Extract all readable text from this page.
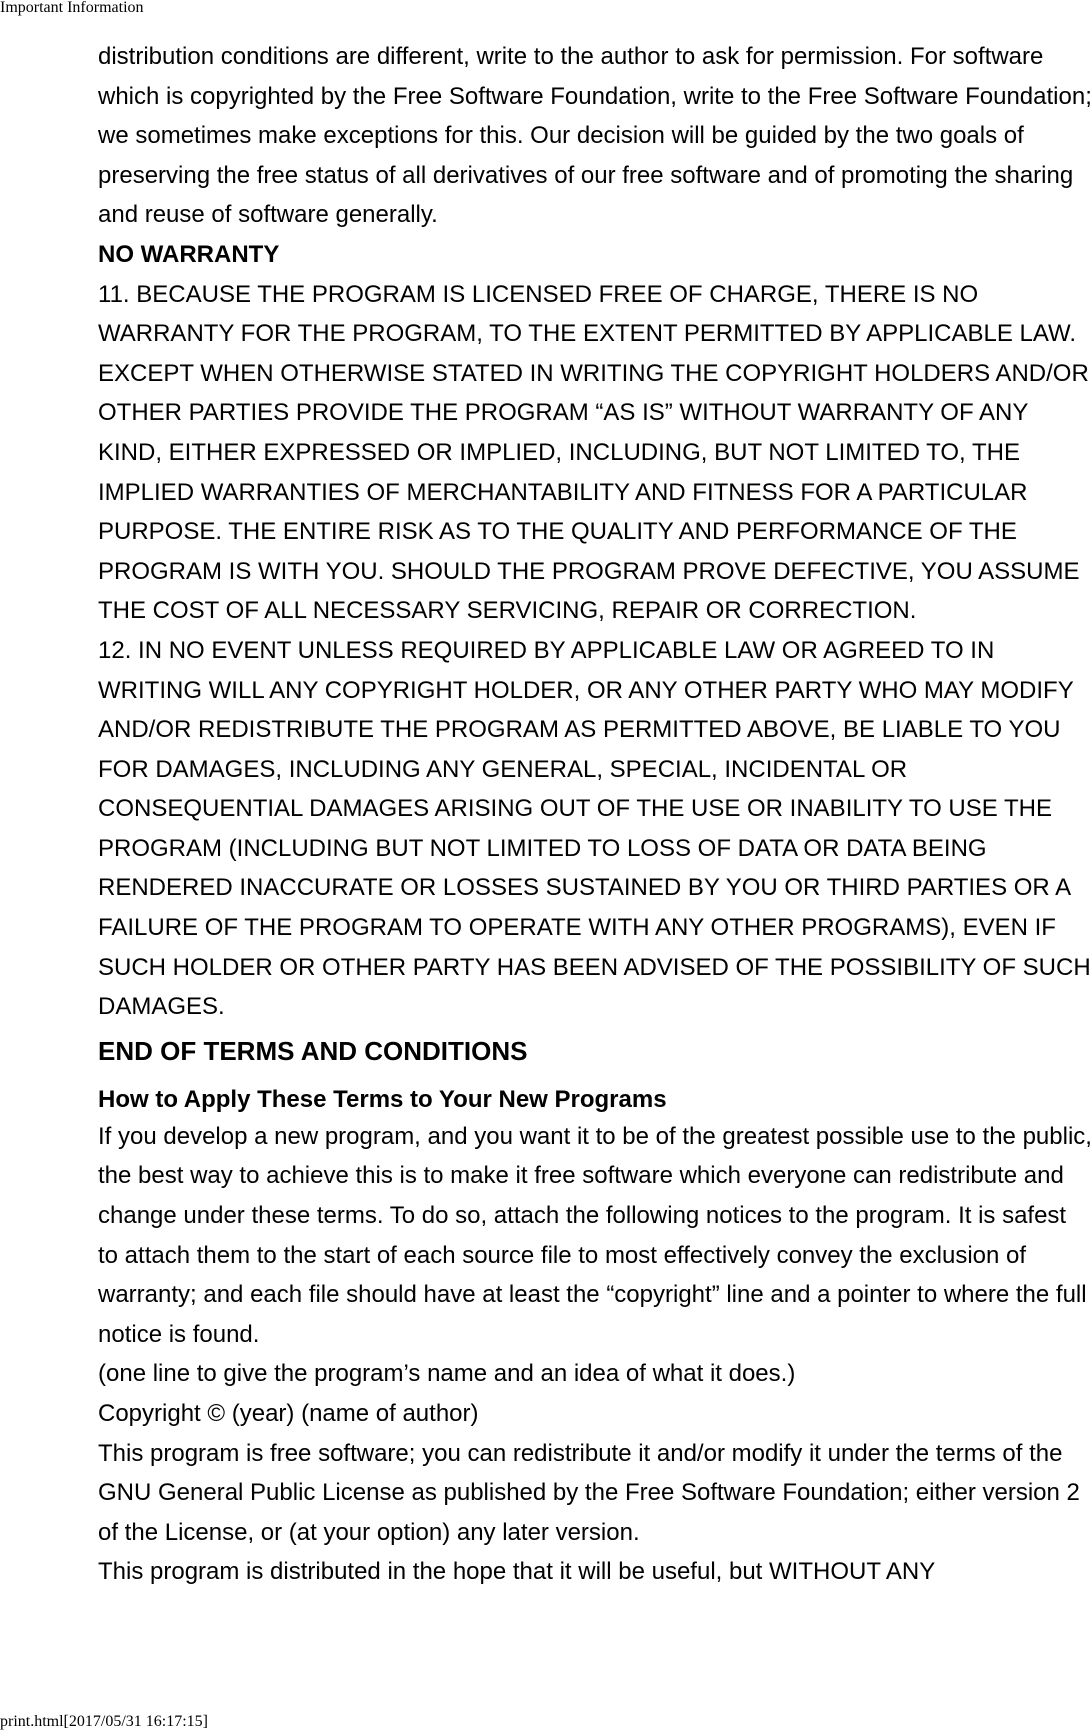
Important Information

distribution conditions are different, write to the author to ask for permission. For software which is copyrighted by the Free Software Foundation, write to the Free Software Foundation; we sometimes make exceptions for this. Our decision will be guided by the two goals of preserving the free status of all derivatives of our free software and of promoting the sharing and reuse of software generally.

NO WARRANTY

11. BECAUSE THE PROGRAM IS LICENSED FREE OF CHARGE, THERE IS NO WARRANTY FOR THE PROGRAM, TO THE EXTENT PERMITTED BY APPLICABLE LAW. EXCEPT WHEN OTHERWISE STATED IN WRITING THE COPYRIGHT HOLDERS AND/OR OTHER PARTIES PROVIDE THE PROGRAM “AS IS” WITHOUT WARRANTY OF ANY KIND, EITHER EXPRESSED OR IMPLIED, INCLUDING, BUT NOT LIMITED TO, THE IMPLIED WARRANTIES OF MERCHANTABILITY AND FITNESS FOR A PARTICULAR PURPOSE. THE ENTIRE RISK AS TO THE QUALITY AND PERFORMANCE OF THE PROGRAM IS WITH YOU. SHOULD THE PROGRAM PROVE DEFECTIVE, YOU ASSUME THE COST OF ALL NECESSARY SERVICING, REPAIR OR CORRECTION.

12. IN NO EVENT UNLESS REQUIRED BY APPLICABLE LAW OR AGREED TO IN WRITING WILL ANY COPYRIGHT HOLDER, OR ANY OTHER PARTY WHO MAY MODIFY AND/OR REDISTRIBUTE THE PROGRAM AS PERMITTED ABOVE, BE LIABLE TO YOU FOR DAMAGES, INCLUDING ANY GENERAL, SPECIAL, INCIDENTAL OR CONSEQUENTIAL DAMAGES ARISING OUT OF THE USE OR INABILITY TO USE THE PROGRAM (INCLUDING BUT NOT LIMITED TO LOSS OF DATA OR DATA BEING RENDERED INACCURATE OR LOSSES SUSTAINED BY YOU OR THIRD PARTIES OR A FAILURE OF THE PROGRAM TO OPERATE WITH ANY OTHER PROGRAMS), EVEN IF SUCH HOLDER OR OTHER PARTY HAS BEEN ADVISED OF THE POSSIBILITY OF SUCH DAMAGES.

END OF TERMS AND CONDITIONS

How to Apply These Terms to Your New Programs

If you develop a new program, and you want it to be of the greatest possible use to the public, the best way to achieve this is to make it free software which everyone can redistribute and change under these terms. To do so, attach the following notices to the program. It is safest to attach them to the start of each source file to most effectively convey the exclusion of warranty; and each file should have at least the “copyright” line and a pointer to where the full notice is found.

(one line to give the program’s name and an idea of what it does.)

Copyright © (year) (name of author)

This program is free software; you can redistribute it and/or modify it under the terms of the GNU General Public License as published by the Free Software Foundation; either version 2 of the License, or (at your option) any later version.

This program is distributed in the hope that it will be useful, but WITHOUT ANY

print.html[2017/05/31 16:17:15]
